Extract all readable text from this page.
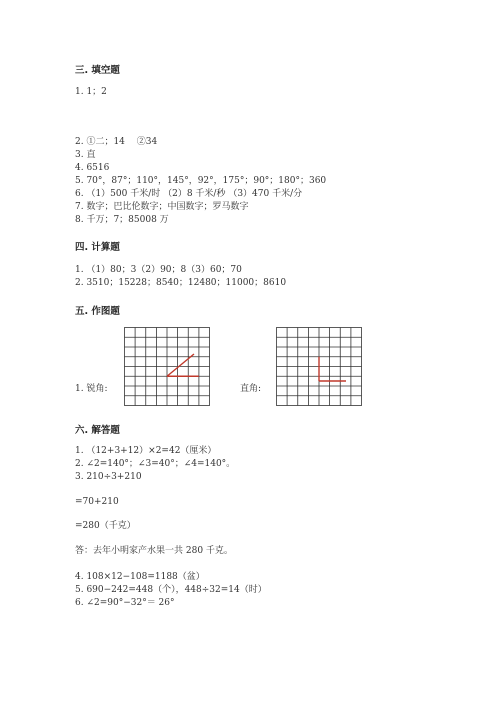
三. 填空题
1. 1；2
2. ①二；14　 ②34
3. 直
4. 6516
5. 70°，87°；110°，145°，92°，175°；90°；180°；360
6. （1）500 千米/时 （2）8 千米/秒 （3）470 千米/分
7. 数字；巴比伦数字；中国数字；罗马数字
8. 千万；7；85008 万
四. 计算题
1. （1）80；3（2）90；8（3）60；70
2. 3510；15228；8540；12480；11000；8610
五. 作图题
1. 锐角:	直角:
六. 解答题
1. （12+3+12）×2=42（厘米）
2. ∠2=140°；∠3=40°；∠4=140°。
3. 210÷3+210
=70+210
=280（千克）
答：去年小明家产水果一共 280 千克。
4. 108×12−108=1188（盆）
5. 690−242=448（个），448÷32=14（时）
6. ∠2=90°−32°＝ 26°
